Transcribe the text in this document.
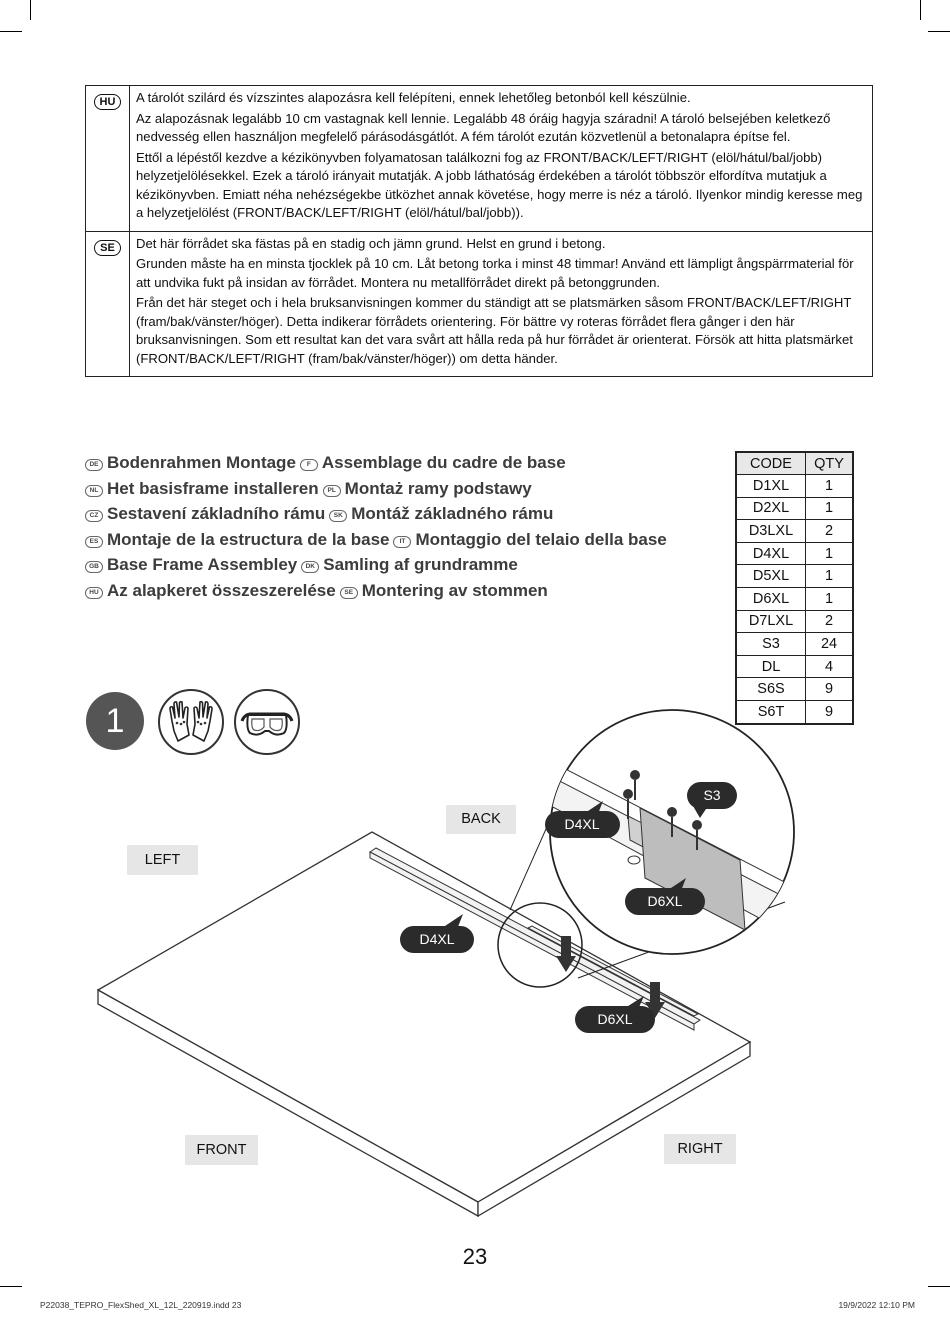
HU	A tárolót szilárd és vízszintes alapozásra kell felépíteni, ennek lehetőleg betonból kell készülnie.

Az alapozásnak legalább 10 cm vastagnak kell lennie. Legalább 48 óráig hagyja száradni! A tároló belsejében keletkező nedvesség ellen használjon megfelelő párásodásgátlót. A fém tárolót ezután közvetlenül a betonalapra építse fel.

Ettől a lépéstől kezdve a kézikönyvben folyamatosan találkozni fog az FRONT/BACK/LEFT/RIGHT (elöl/hátul/bal/jobb) helyzetjelölésekkel. Ezek a tároló irányait mutatják. A jobb láthatóság érdekében a tárolót többször elfordítva mutatjuk a kézikönyvben. Emiatt néha nehézségekbe ütközhet annak követése, hogy merre is néz a tároló. Ilyenkor mindig keresse meg a helyzetjelölést (FRONT/BACK/LEFT/RIGHT (elöl/hátul/bal/jobb)).

SE	Det här förrådet ska fästas på en stadig och jämn grund. Helst en grund i betong.

Grunden måste ha en minsta tjocklek på 10 cm. Låt betong torka i minst 48 timmar! Använd ett lämpligt ångspärrmaterial för att undvika fukt på insidan av förrådet. Montera nu metallförrådet direkt på betonggrunden.

Från det här steget och i hela bruksanvisningen kommer du ständigt att se platsmärken såsom FRONT/BACK/LEFT/RIGHT (fram/bak/vänster/höger). Detta indikerar förrådets orientering. För bättre vy roteras förrådet flera gånger i den här bruksanvisningen. Som ett resultat kan det vara svårt att hålla reda på hur förrådet är orienterat. Försök att hitta platsmärket (FRONT/BACK/LEFT/RIGHT (fram/bak/vänster/höger)) om detta händer.

DE Bodenrahmen Montage F Assemblage du cadre de base
NL Het basisframe installeren PL Montaż ramy podstawy
CZ Sestavení základního rámu SK Montáž základného rámu
ES Montaje de la estructura de la base IT Montaggio del telaio della base
GB Base Frame Assembley DK Samling af grundramme
HU Az alapkeret összeszerelése SE Montering av stommen
CODE	QTY
D1XL	1
D2XL	1
D3LXL	2
D4XL	1
D5XL	1
D6XL	1
D7LXL	2
S3	24
DL	4
S6S	9
S6T	9
1
D4XL
D6XL
D4XL
D6XL
S3
BACK
LEFT
FRONT	RIGHT
23
P22038_TEPRO_FlexShed_XL_12L_220919.indd 23	19/9/2022 12:10 PM
